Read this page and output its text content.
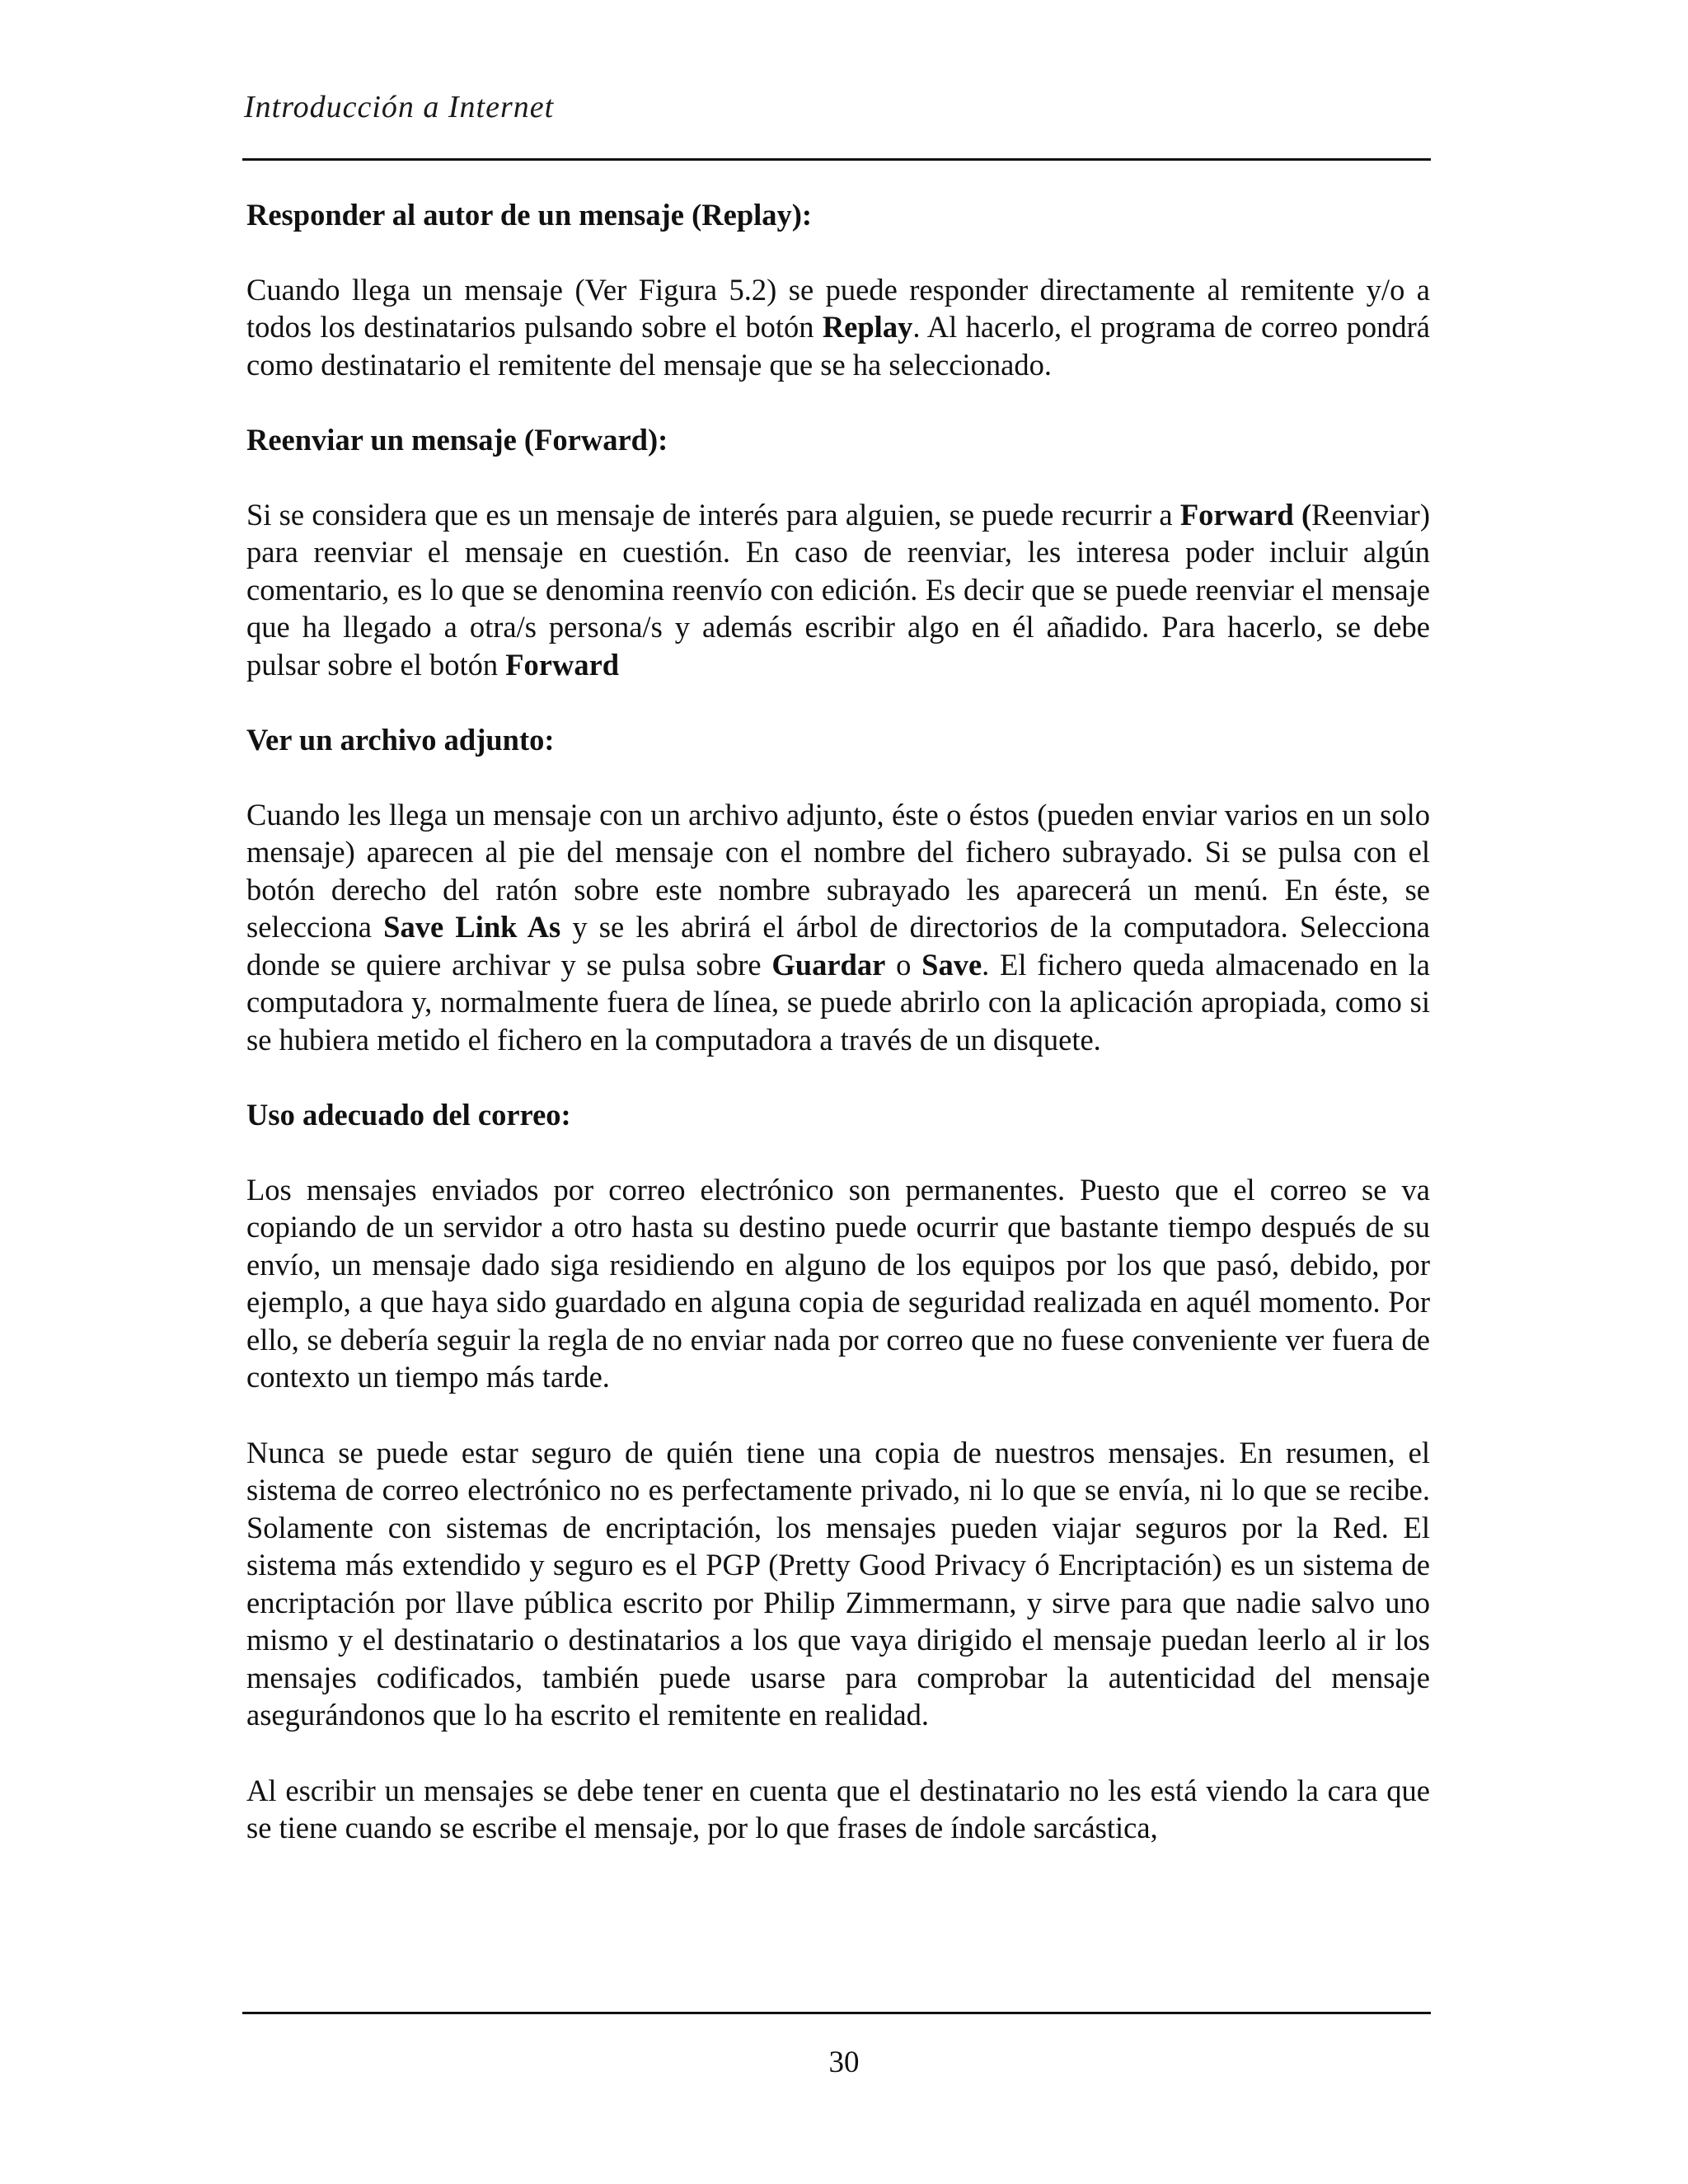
Introducción a Internet
Responder al autor de un mensaje (Replay):

Cuando llega un mensaje (Ver Figura 5.2) se puede responder directamente al remitente y/o a todos los destinatarios pulsando sobre el botón Replay. Al hacerlo, el programa de correo pondrá como destinatario el remitente del mensaje que se ha seleccionado.

Reenviar un mensaje (Forward):

Si se considera que es un mensaje de interés para alguien, se puede recurrir a Forward (Reenviar) para reenviar el mensaje en cuestión. En caso de reenviar, les interesa poder incluir algún comentario, es lo que se denomina reenvío con edición. Es decir que se puede reenviar el mensaje que ha llegado a otra/s persona/s y además escribir algo en él añadido. Para hacerlo, se debe pulsar sobre el botón Forward

Ver un archivo adjunto:

Cuando les llega un mensaje con un archivo adjunto, éste o éstos (pueden enviar varios en un solo mensaje) aparecen al pie del mensaje con el nombre del fichero subrayado. Si se pulsa con el botón derecho del ratón sobre este nombre subrayado les aparecerá un menú. En éste, se selecciona Save Link As y se les abrirá el árbol de directorios de la computadora. Selecciona donde se quiere archivar y se pulsa sobre Guardar o Save. El fichero queda almacenado en la computadora y, normalmente fuera de línea, se puede abrirlo con la aplicación apropiada, como si se hubiera metido el fichero en la computadora a través de un disquete.

Uso adecuado del correo:

Los mensajes enviados por correo electrónico son permanentes. Puesto que el correo se va copiando de un servidor a otro hasta su destino puede ocurrir que bastante tiempo después de su envío, un mensaje dado siga residiendo en alguno de los equipos por los que pasó, debido, por ejemplo, a que haya sido guardado en alguna copia de seguridad realizada en aquél momento. Por ello, se debería seguir la regla de no enviar nada por correo que no fuese conveniente ver fuera de contexto un tiempo más tarde.

Nunca se puede estar seguro de quién tiene una copia de nuestros mensajes. En resumen, el sistema de correo electrónico no es perfectamente privado, ni lo que se envía, ni lo que se recibe. Solamente con sistemas de encriptación, los mensajes pueden viajar seguros por la Red. El sistema más extendido y seguro es el PGP (Pretty Good Privacy ó Encriptación) es un sistema de encriptación por llave pública escrito por Philip Zimmermann, y sirve para que nadie salvo uno mismo y el destinatario o destinatarios a los que vaya dirigido el mensaje puedan leerlo al ir los mensajes codificados, también puede usarse para comprobar la autenticidad del mensaje asegurándonos que lo ha escrito el remitente en realidad.

Al escribir un mensajes se debe tener en cuenta que el destinatario no les está viendo la cara que se tiene cuando se escribe el mensaje, por lo que frases de índole sarcástica,

30
